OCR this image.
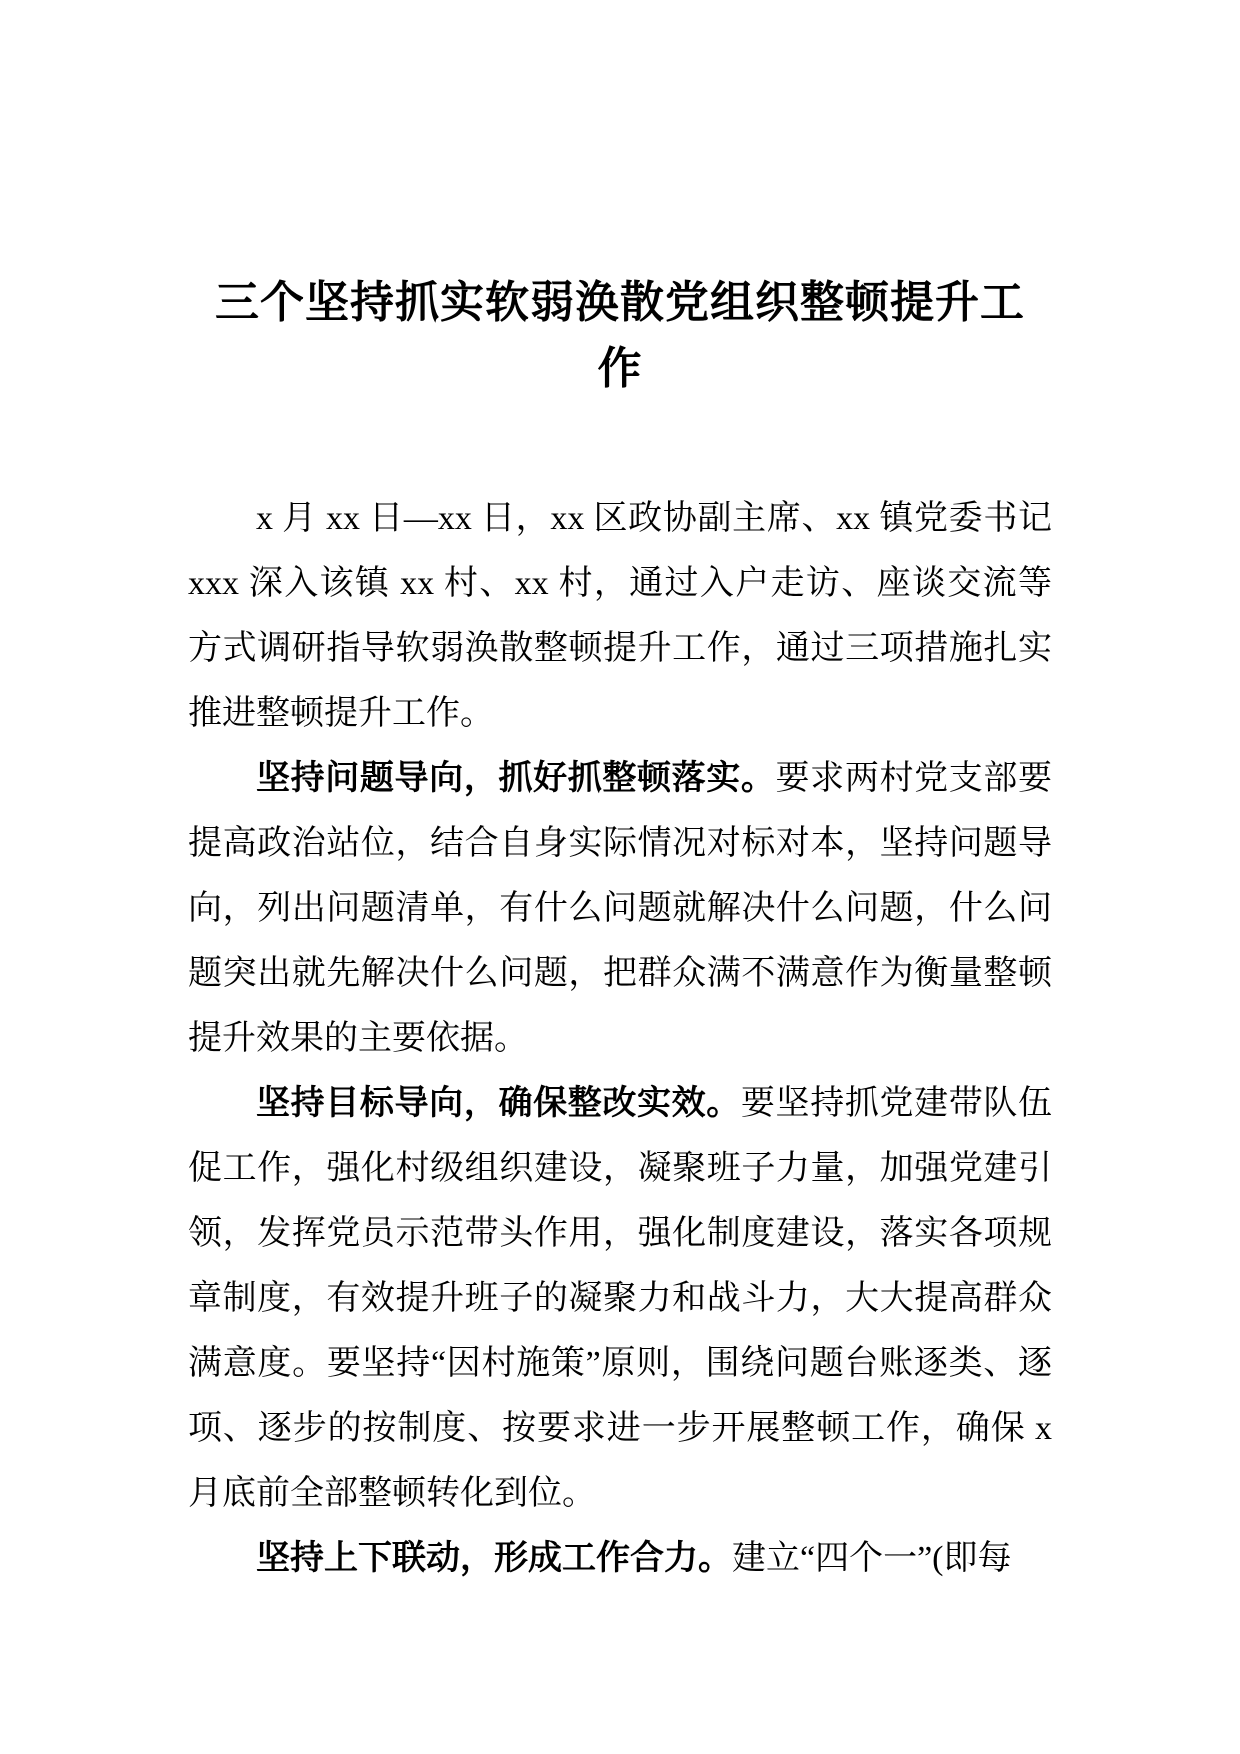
三个坚持抓实软弱涣散党组织整顿提升工作

x 月 xx 日—xx 日，xx 区政协副主席、xx 镇党委书记 xxx 深入该镇 xx 村、xx 村，通过入户走访、座谈交流等方式调研指导软弱涣散整顿提升工作，通过三项措施扎实推进整顿提升工作。

坚持问题导向，抓好抓整顿落实。要求两村党支部要提高政治站位，结合自身实际情况对标对本，坚持问题导向，列出问题清单，有什么问题就解决什么问题，什么问题突出就先解决什么问题，把群众满不满意作为衡量整顿提升效果的主要依据。

坚持目标导向，确保整改实效。要坚持抓党建带队伍促工作，强化村级组织建设，凝聚班子力量，加强党建引领，发挥党员示范带头作用，强化制度建设，落实各项规章制度，有效提升班子的凝聚力和战斗力，大大提高群众满意度。要坚持“因村施策”原则，围绕问题台账逐类、逐项、逐步的按制度、按要求进一步开展整顿工作，确保 x 月底前全部整顿转化到位。

坚持上下联动，形成工作合力。建立“四个一”(即每
